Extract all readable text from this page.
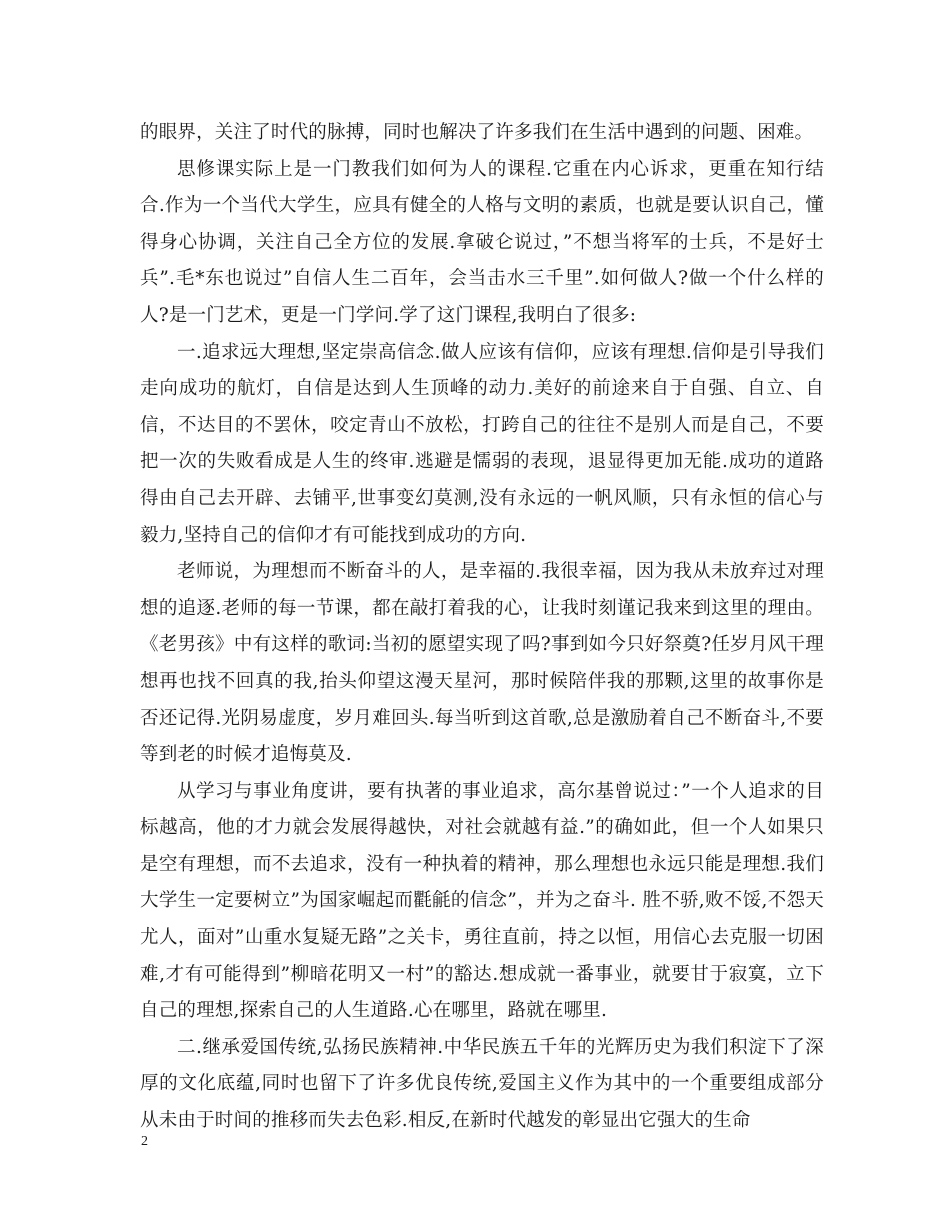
的眼界，关注了时代的脉搏，同时也解决了许多我们在生活中遇到的问题、困难。

思修课实际上是一门教我们如何为人的课程.它重在内心诉求，更重在知行结合.作为一个当代大学生，应具有健全的人格与文明的素质，也就是要认识自己，懂得身心协调，关注自己全方位的发展.拿破仑说过，”不想当将军的士兵，不是好士兵”.毛*东也说过”自信人生二百年，会当击水三千里”.如何做人?做一个什么样的人?是一门艺术，更是一门学问.学了这门课程,我明白了很多:

一.追求远大理想,坚定崇高信念.做人应该有信仰，应该有理想.信仰是引导我们走向成功的航灯，自信是达到人生顶峰的动力.美好的前途来自于自强、自立、自信，不达目的不罢休，咬定青山不放松，打跨自己的往往不是别人而是自己，不要把一次的失败看成是人生的终审.逃避是懦弱的表现，退显得更加无能.成功的道路得由自己去开辟、去铺平,世事变幻莫测,没有永远的一帆风顺，只有永恒的信心与毅力,坚持自己的信仰才有可能找到成功的方向.

老师说，为理想而不断奋斗的人，是幸福的.我很幸福，因为我从未放弃过对理想的追逐.老师的每一节课，都在敲打着我的心，让我时刻谨记我来到这里的理由。《老男孩》中有这样的歌词:当初的愿望实现了吗?事到如今只好祭奠?任岁月风干理想再也找不回真的我,抬头仰望这漫天星河，那时候陪伴我的那颗,这里的故事你是否还记得.光阴易虚度，岁月难回头.每当听到这首歌,总是激励着自己不断奋斗,不要等到老的时候才追悔莫及.

从学习与事业角度讲，要有执著的事业追求，高尔基曾说过：”一个人追求的目标越高，他的才力就会发展得越快，对社会就越有益.”的确如此，但一个人如果只是空有理想，而不去追求，没有一种执着的精神，那么理想也永远只能是理想.我们大学生一定要树立”为国家崛起而氍毹的信念”，并为之奋斗. 胜不骄,败不馁,不怨天尤人，面对”山重水复疑无路”之关卡，勇往直前，持之以恒，用信心去克服一切困难,才有可能得到”柳暗花明又一村”的豁达.想成就一番事业，就要甘于寂寞，立下自己的理想,探索自己的人生道路.心在哪里，路就在哪里.

二.继承爱国传统,弘扬民族精神.中华民族五千年的光辉历史为我们积淀下了深厚的文化底蕴,同时也留下了许多优良传统,爱国主义作为其中的一个重要组成部分从未由于时间的推移而失去色彩.相反,在新时代越发的彰显出它强大的生命

2
